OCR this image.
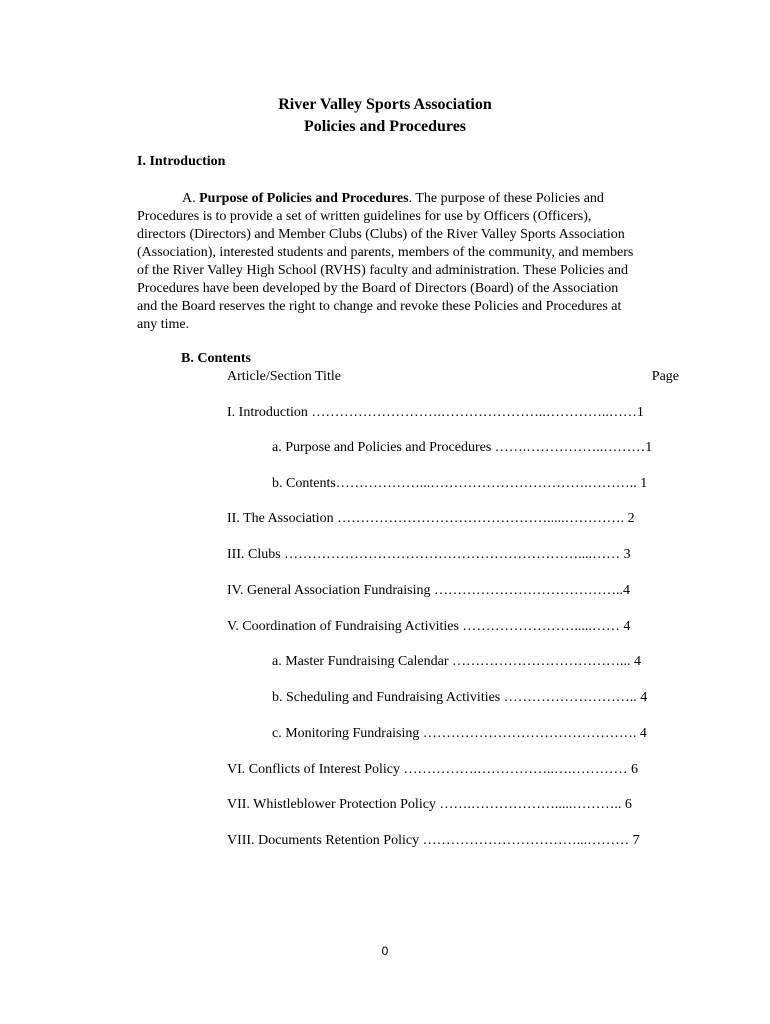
River Valley Sports Association
Policies and Procedures
I. Introduction
A. Purpose of Policies and Procedures. The purpose of these Policies and
Procedures is to provide a set of written guidelines for use by Officers (Officers),
directors (Directors) and Member Clubs (Clubs) of the River Valley Sports Association
(Association), interested students and parents, members of the community, and members
of the River Valley High School (RVHS) faculty and administration. These Policies and
Procedures have been developed by the Board of Directors (Board) of the Association
and the Board reserves the right to change and revoke these Policies and Procedures at
any time.
B. Contents
Article/Section Title	Page
I. Introduction ……………………….…………………..…………..……1
a. Purpose and Policies and Procedures …….……………..………1
b. Contents………………...…………………………….……….. 1
II. The Association ……………………………………….....…………. 2
III. Clubs ………………………………………………………....…… 3
IV. General Association Fundraising …………………………………..4
V. Coordination of Fundraising Activities …………………….....…… 4
a. Master Fundraising Calendar ………………………………... 4
b. Scheduling and Fundraising Activities ……………………….. 4
c. Monitoring Fundraising ………………………………………. 4
VI. Conflicts of Interest Policy …………….……………..….………… 6
VII. Whistleblower Protection Policy …….……………….....……….. 6
VIII. Documents Retention Policy ……………………………...……… 7
0
